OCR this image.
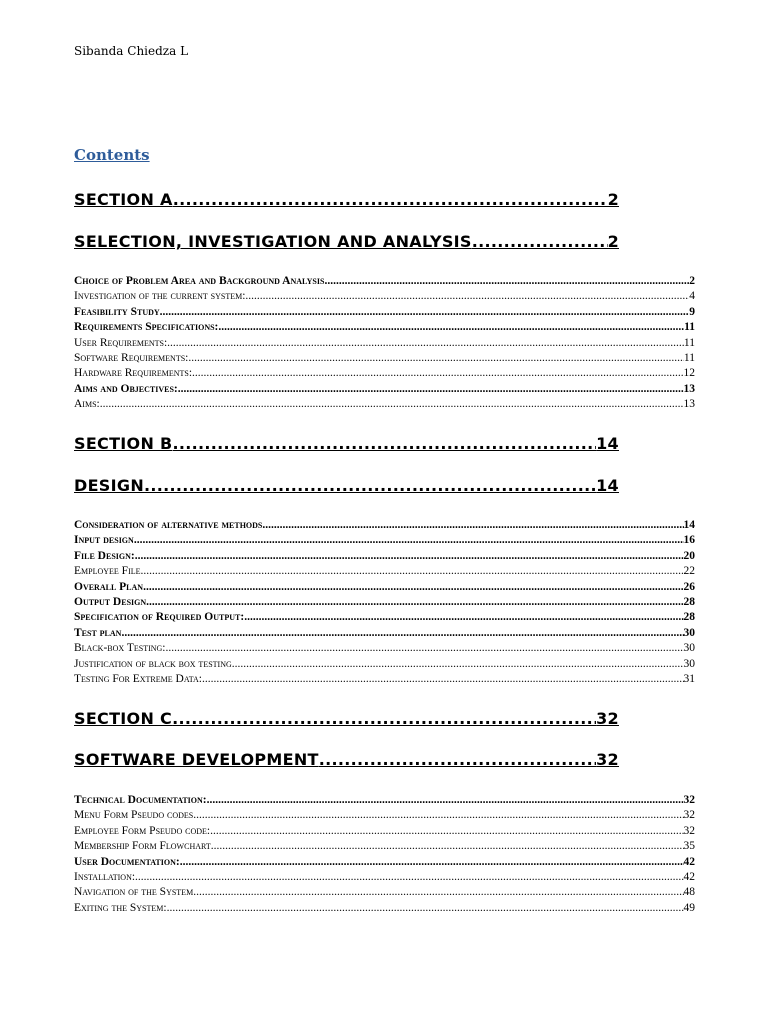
Sibanda Chiedza L
Contents
SECTION A .....	2
SELECTION, INVESTIGATION AND ANALYSIS .....	2
Choice of Problem Area and Background Analysis .....	2
Investigation of the current system: .....	4
Feasibility Study .....	9
Requirements Specifications: .....	11
User Requirements: .....	11
Software Requirements: .....	11
Hardware Requirements: .....	12
Aims and Objectives: .....	13
Aims: .....	13
SECTION B .....	14
DESIGN .....	14
Consideration of alternative methods .....	14
Input design .....	16
File Design: .....	20
Employee File .....	22
Overall Plan .....	26
Output Design .....	28
Specification of Required Output: .....	28
Test plan .....	30
Black-box Testing: .....	30
Justification of black box testing .....	30
Testing For Extreme Data: .....	31
SECTION C .....	32
SOFTWARE DEVELOPMENT .....	32
Technical Documentation: .....	32
Menu Form Pseudo codes .....	32
Employee Form Pseudo code: .....	32
Membership Form Flowchart .....	35
User Documentation: .....	42
Installation: .....	42
Navigation of the System .....	48
Exiting the System: .....	49
